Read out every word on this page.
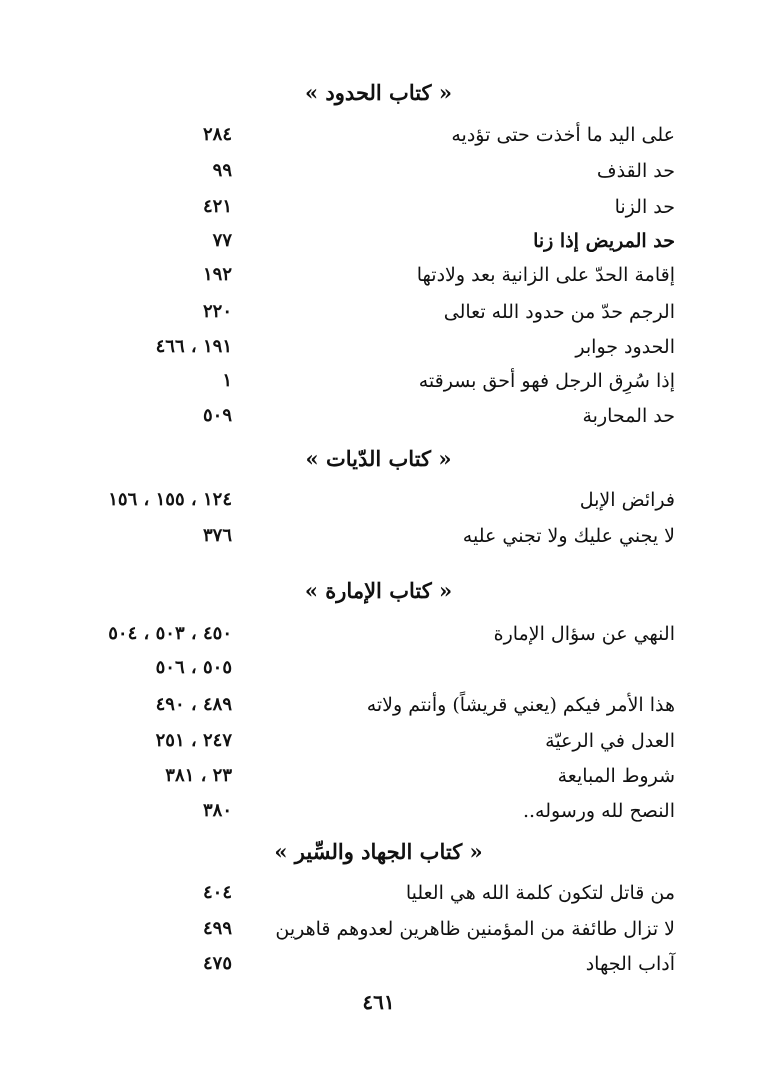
« كتاب الحدود »
على اليد ما أخذت حتى تؤديه
٢٨٤
حد القذف
٩٩
حد الزنا
٤٢١
حد المريض إذا زنا
٧٧
إقامة الحدّ على الزانية بعد ولادتها
١٩٢
الرجم حدّ من حدود الله تعالى
٢٢٠
الحدود جوابر
١٩١ ، ٤٦٦
إذا سُرِق الرجل فهو أحق بسرقته
١
حد المحاربة
٥٠٩
« كتاب الدّيات »
فرائض الإبل
١٢٤ ، ١٥٥ ، ١٥٦
لا يجني عليك ولا تجني عليه
٣٧٦
« كتاب الإمارة »
النهي عن سؤال الإمارة
٤٥٠ ، ٥٠٣ ، ٥٠٤
٥٠٥ ، ٥٠٦
هذا الأمر فيكم (يعني قريشاً) وأنتم ولاته
٤٨٩ ، ٤٩٠
العدل في الرعيّة
٢٤٧ ، ٢٥١
شروط المبايعة
٢٣ ، ٣٨١
النصح لله ورسوله..
٣٨٠
« كتاب الجهاد والسِّير »
من قاتل لتكون كلمة الله هي العليا
٤٠٤
لا تزال طائفة من المؤمنين ظاهرين لعدوهم قاهرين
٤٩٩
آداب الجهاد
٤٧٥
٤٦١
